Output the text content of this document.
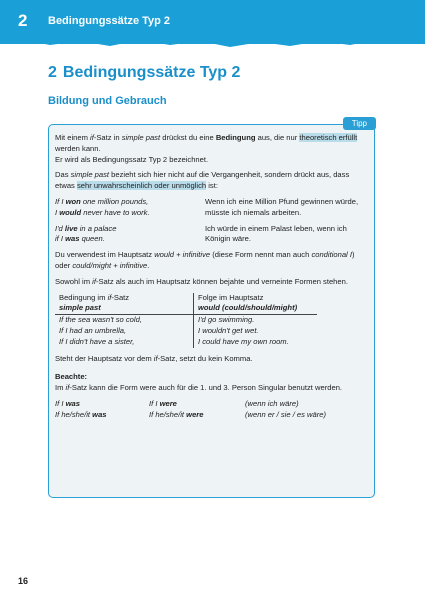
2 Bedingungssätze Typ 2
2 Bedingungssätze Typ 2
Bildung und Gebrauch
Tipp

Mit einem if-Satz in simple past drückst du eine Bedingung aus, die nur theoretisch erfüllt werden kann.
Er wird als Bedingungssatz Typ 2 bezeichnet.

Das simple past bezieht sich hier nicht auf die Vergangenheit, sondern drückt aus, dass etwas sehr unwahrscheinlich oder unmöglich ist:

If I won one million pounds,
I would never have to work.
Wenn ich eine Million Pfund gewinnen würde, müsste ich niemals arbeiten.
I'd live in a palace
if I was queen.
Ich würde in einem Palast leben, wenn ich Königin wäre.

Du verwendest im Hauptsatz would + infinitive (diese Form nennt man auch conditional I) oder could/might + infinitive.

Sowohl im if-Satz als auch im Hauptsatz können bejahte und verneinte Formen stehen.

Bedingung im if-Satz	Folge im Hauptsatz
simple past	would (could/should/might)
If the sea wasn't so cold,	I'd go swimming.
If I had an umbrella,	I wouldn't get wet.
If I didn't have a sister,	I could have my own room.

Steht der Hauptsatz vor dem if-Satz, setzt du kein Komma.

Beachte:
Im if-Satz kann die Form were auch für die 1. und 3. Person Singular benutzt werden.

If I was	If I were	(wenn ich wäre)
If he/she/it was	If he/she/it were	(wenn er / sie / es wäre)
16
